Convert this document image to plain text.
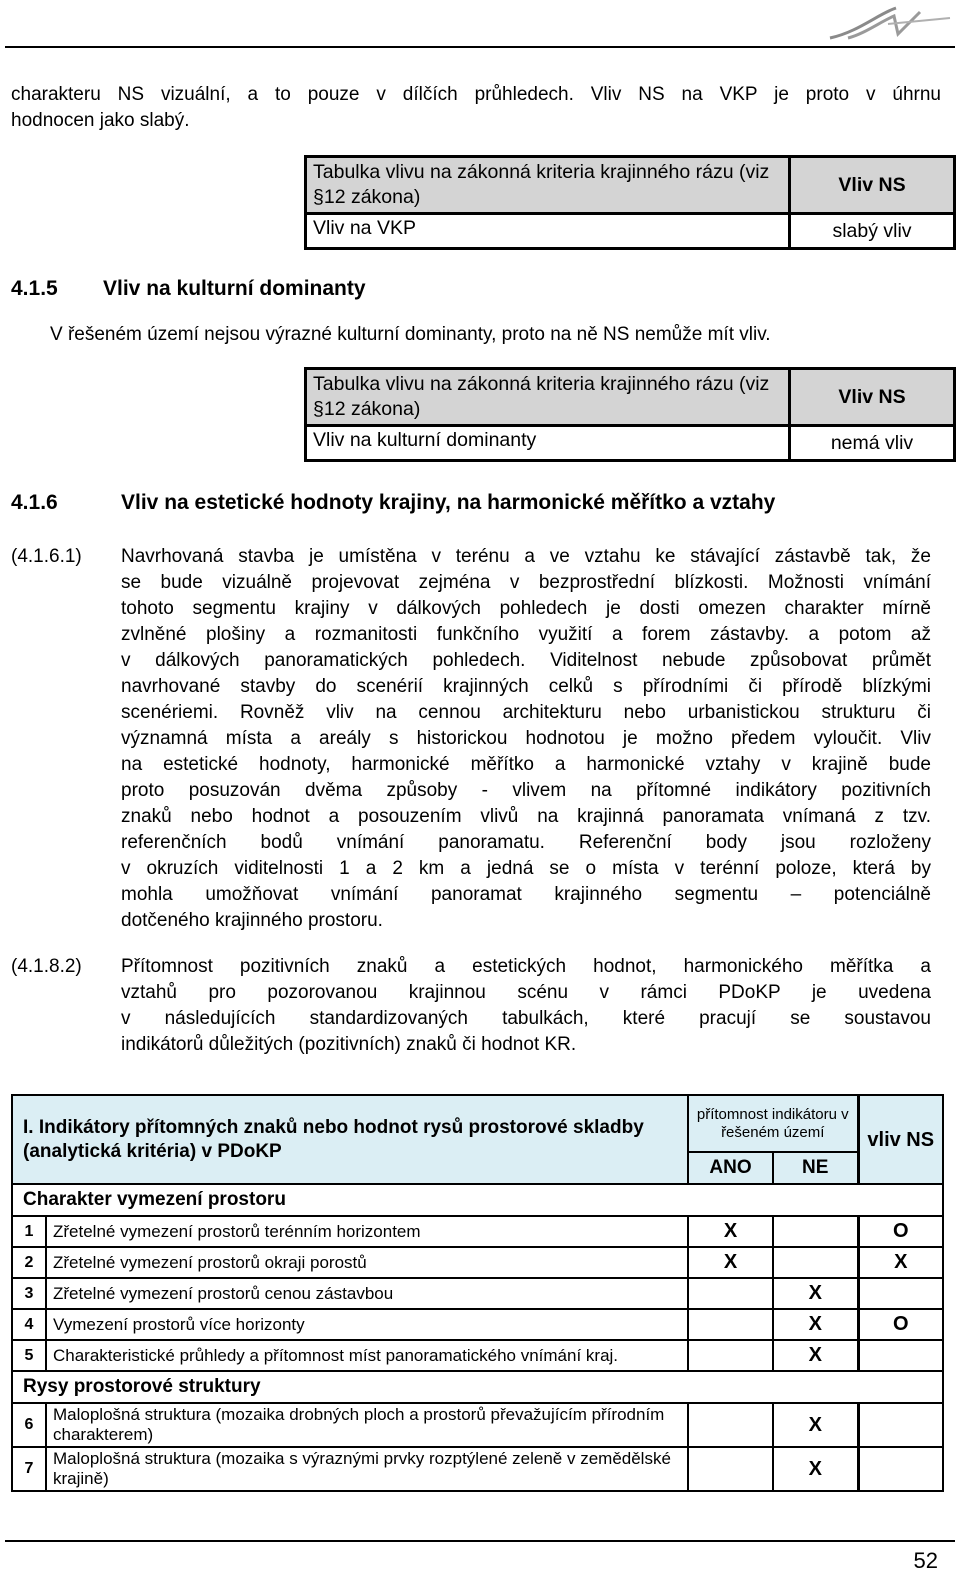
charakteru NS vizuální, a to pouze v dílčích průhledech. Vliv NS na VKP je proto v úhrnu
hodnocen jako slabý.
Tabulka vlivu na zákonná kriteria krajinného rázu (viz §12 zákona)	Vliv NS
Vliv na VKP	slabý vliv
4.1.5 Vliv na kulturní dominanty
V řešeném území nejsou výrazné kulturní dominanty, proto na ně NS nemůže mít vliv.
Tabulka vlivu na zákonná kriteria krajinného rázu (viz §12 zákona)	Vliv NS
Vliv na kulturní dominanty	nemá vliv
4.1.6	Vliv na estetické hodnoty krajiny, na harmonické měřítko a vztahy
(4.1.6.1) Navrhovaná stavba je umístěna v terénu a ve vztahu ke stávající zástavbě tak, že
se bude vizuálně projevovat zejména v bezprostřední blízkosti. Možnosti vnímání
tohoto segmentu krajiny v dálkových pohledech je dosti omezen charakter mírně
zvlněné plošiny a rozmanitosti funkčního využití a forem zástavby. a potom až
v dálkových panoramatických pohledech. Viditelnost nebude způsobovat průmět
navrhované stavby do scenérií krajinných celků s přírodními či přírodě blízkými
scenériemi. Rovněž vliv na cennou architekturu nebo urbanistickou strukturu či
významná místa a areály s historickou hodnotou je možno předem vyloučit. Vliv
na estetické hodnoty, harmonické měřítko a harmonické vztahy v krajině bude
proto posuzován dvěma způsoby - vlivem na přítomné indikátory pozitivních
znaků nebo hodnot a posouzením vlivů na krajinná panoramata vnímaná z tzv.
referenčních bodů vnímání panoramatu. Referenční body jsou rozloženy
v okruzích viditelnosti 1 a 2 km a jedná se o místa v terénní poloze, která by
mohla umožňovat vnímání panoramat krajinného segmentu – potenciálně
dotčeného krajinného prostoru.
(4.1.8.2) Přítomnost pozitivních znaků a estetických hodnot, harmonického měřítka a
vztahů pro pozorovanou krajinnou scénu v rámci PDoKP je uvedena
v následujících standardizovaných tabulkách, které pracují se soustavou
indikátorů důležitých (pozitivních) znaků či hodnot KR.
I. Indikátory přítomných znaků nebo hodnot rysů prostorové skladby (analytická kritéria) v PDoKP		přítomnost indikátoru v řešeném území		vliv NS
		ANO	NE	
Charakter vymezení prostoru				
1	Zřetelné vymezení prostorů terénním horizontem	X		O
2	Zřetelné vymezení prostorů okraji porostů	X		X
3	Zřetelné vymezení prostorů cenou zástavbou		X	
4	Vymezení prostorů více horizonty		X	O
5	Charakteristické průhledy a přítomnost míst panoramatického vnímání kraj.		X	
Rysy prostorové struktury				
6	Maloplošná struktura (mozaika drobných ploch a prostorů převažujícím přírodním charakterem)		X	
7	Maloplošná struktura (mozaika s výraznými prvky rozptýlené zeleně v zemědělské krajině)		X	
52
